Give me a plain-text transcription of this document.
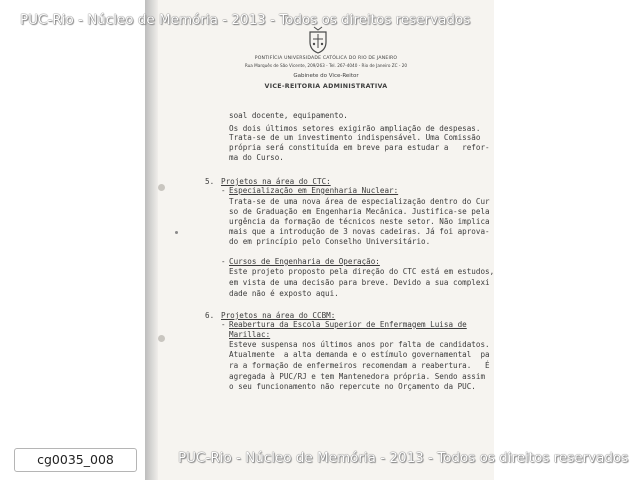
PONTIFÍCIA UNIVERSIDADE CATÓLICA DO RIO DE JANEIRO
Rua Marquês de São Vicente, 209/263 - Tel. 267-4040 - Rio de Janeiro ZC - 20
Gabinete do Vice-Reitor
VICE-REITORIA ADMINISTRATIVA
soal docente, equipamento.
Os dois últimos setores exigirão ampliação de despesas.
Trata-se de um investimento indispensável. Uma Comissão
própria será constituída em breve para estudar a   refor-
ma do Curso.
5. Projetos na área do CTC:
- Especialização em Engenharia Nuclear:
Trata-se de uma nova área de especialização dentro do Cur
so de Graduação em Engenharia Mecânica. Justifica-se pela
urgência da formação de técnicos neste setor. Não implica
mais que a introdução de 3 novas cadeiras. Já foi aprova-
do em princípio pelo Conselho Universitário.
- Cursos de Engenharia de Operação:
Este projeto proposto pela direção do CTC está em estudos,
em vista de uma decisão para breve. Devido a sua complexi
dade não é exposto aqui.
6. Projetos na área do CCBM:
- Reabertura da Escola Superior de Enfermagem Luisa de
Marillac:
Esteve suspensa nos últimos anos por falta de candidatos.
Atualmente  a alta demanda e o estímulo governamental  pa
ra a formação de enfermeiros recomendam a reabertura.   É
agregada à PUC/RJ e tem Mantenedora própria. Sendo assim
o seu funcionamento não repercute no Orçamento da PUC.
PUC-Rio - Núcleo de Memória - 2013 - Todos os direitos reservados
PUC-Rio - Núcleo de Memória - 2013 - Todos os direitos reservados
cg0035_008
